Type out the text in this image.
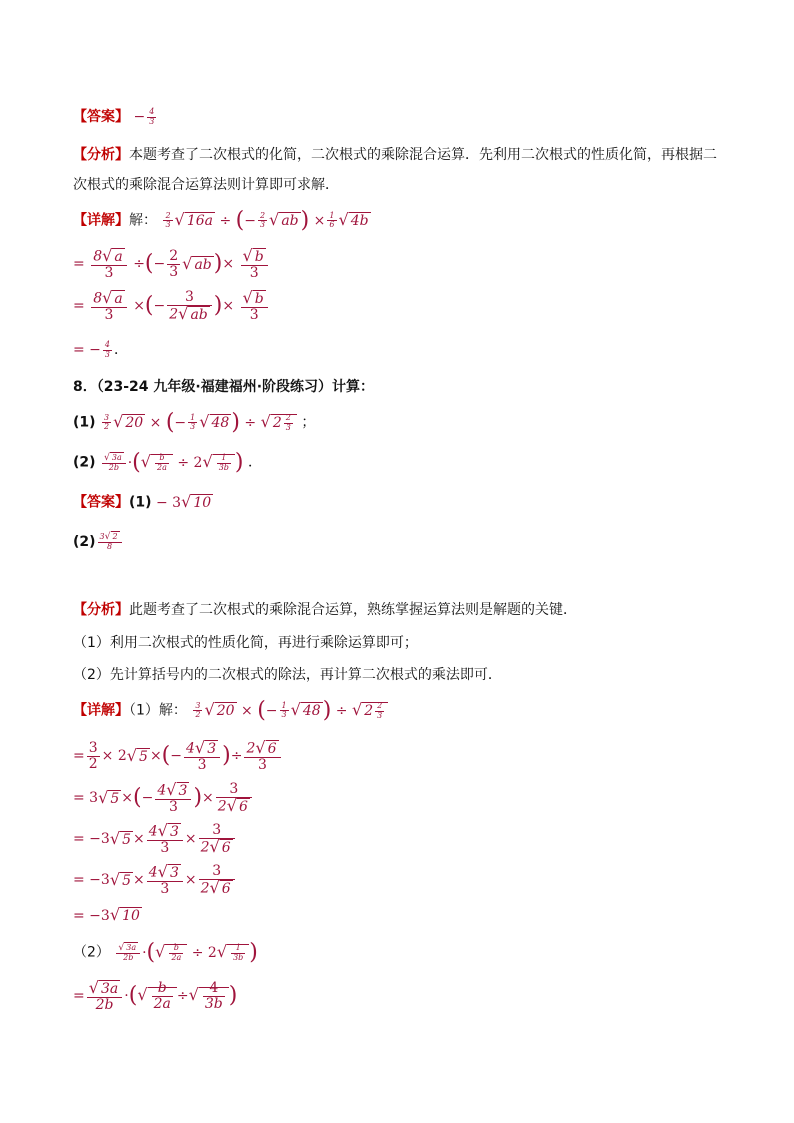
【答案】 − $\frac{4}{3}$
【分析】本题考查了二次根式的化简，二次根式的乘除混合运算．先利用二次根式的性质化简，再根据二
次根式的乘除混合运算法则计算即可求解．
【详解】解： $\frac{2}{3}$ √ 16a ÷ (− $\frac{2}{3}$ √ $ab) \times \frac{1}{6}$ √ 4b
= $\frac{8√ a}{3}$ ÷(− $\frac{2}{3}$ √ $ab)\times \frac{√ b}{3}$
= $\frac{8√ a}{3}$ ×(− $\frac{3}{2√ ab}$ )× $\frac{√ b}{3}$
= − $\frac{4}{3}$ ．
8．（23-24 九年级·福建福州·阶段练习）计算：
$(1) \frac{3}{2}$ √ 20 × (− $\frac{1}{3}$ √ 48) ÷ √ $2 \frac{2}{3}$ ；
$(2) \frac{√ 3a}{2b}$ ·(√ $\frac{b}{2a} \div 2√ \frac{1}{3b}$ ) ．
【答案】(1) − 3√ 10
$(2) \frac{3√ 2}{8}$
【分析】此题考查了二次根式的乘除混合运算，熟练掌握运算法则是解题的关键．
（1）利用二次根式的性质化简，再进行乘除运算即可；
（2）先计算括号内的二次根式的除法，再计算二次根式的乘法即可．
【详解】（1）解： $\frac{3}{2}$ √ 20 × (− $\frac{1}{3}$ √ 48) ÷ √ $2 \frac{2}{3}$
= $\frac{3}{2} \times 2√$ 5 ×(− $\frac{4√ 3}{3}$ )÷ $\frac{2√ 6}{3}$
= 3√ 5 ×(− $\frac{4√ 3}{3}$ )× $\frac{3}{2√ 6}$
= −3√ $5 \times \frac{4√ 3}{3} \times \frac{3}{2√ 6}$
= −3√ $5 \times \frac{4√ 3}{3} \times \frac{3}{2√ 6}$
= −3√ 10
$(2) \frac{√ 3a}{2b}$ ·(√ $\frac{b}{2a} \div 2√ \frac{1}{3b}$ )
= $\frac{√ 3a}{2b}$ ·(√ $\frac{b}{2a}$ ÷√ $\frac{4}{3b}$ )
